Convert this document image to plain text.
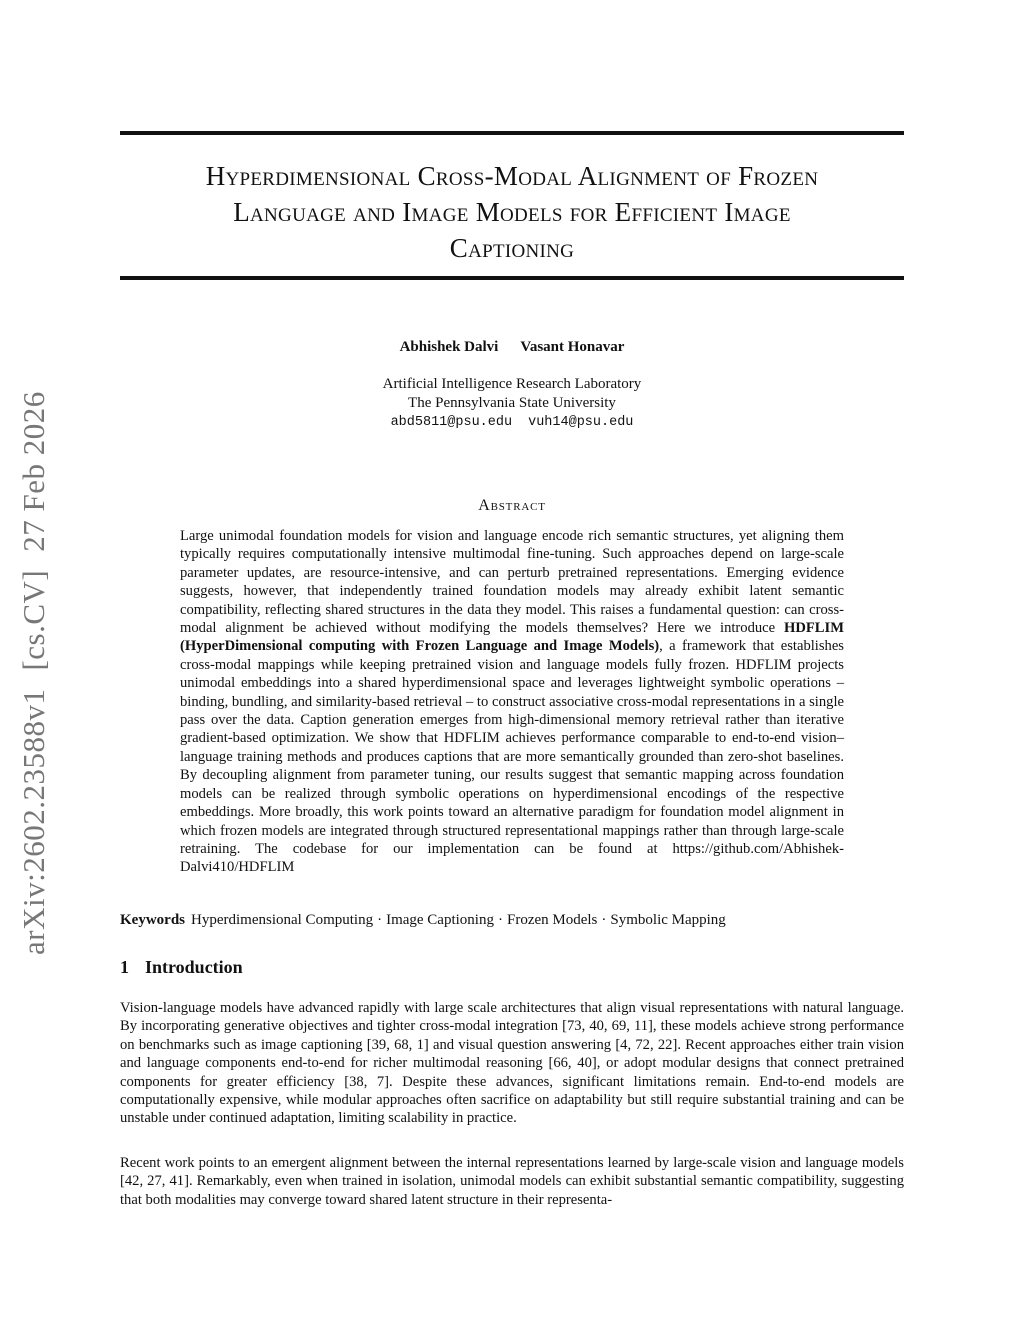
arXiv:2602.23588v1[cs.CV]27 Feb 2026
Hyperdimensional Cross-Modal Alignment of Frozen
Language and Image Models for Efficient Image
Captioning
Abhishek Dalvi Vasant Honavar
Artificial Intelligence Research Laboratory
The Pennsylvania State University
abd5811@psu.edu vuh14@psu.edu
Abstract

Large unimodal foundation models for vision and language encode rich semantic structures, yet aligning them typically requires computationally intensive multimodal fine-tuning. Such approaches depend on large-scale parameter updates, are resource-intensive, and can perturb pretrained representations. Emerging evidence suggests, however, that independently trained foundation models may already exhibit latent semantic compatibility, reflecting shared structures in the data they model. This raises a fundamental question: can cross-modal alignment be achieved without modifying the models themselves? Here we introduce HDFLIM (HyperDimensional computing with Frozen Language and Image Models), a framework that establishes cross-modal mappings while keeping pretrained vision and language models fully frozen. HDFLIM projects unimodal embeddings into a shared hyperdimensional space and leverages lightweight symbolic operations – binding, bundling, and similarity-based retrieval – to construct associative cross-modal representations in a single pass over the data. Caption generation emerges from high-dimensional memory retrieval rather than iterative gradient-based optimization. We show that HDFLIM achieves performance comparable to end-to-end vision–language training methods and produces captions that are more semantically grounded than zero-shot baselines. By decoupling alignment from parameter tuning, our results suggest that semantic mapping across foundation models can be realized through symbolic operations on hyperdimensional encodings of the respective embeddings. More broadly, this work points toward an alternative paradigm for foundation model alignment in which frozen models are integrated through structured representational mappings rather than through large-scale retraining. The codebase for our implementation can be found at https://github.com/Abhishek-Dalvi410/HDFLIM

Keywords Hyperdimensional Computing · Image Captioning · Frozen Models · Symbolic Mapping
1 Introduction

Vision-language models have advanced rapidly with large scale architectures that align visual representations with natural language. By incorporating generative objectives and tighter cross-modal integration [73, 40, 69, 11], these models achieve strong performance on benchmarks such as image captioning [39, 68, 1] and visual question answering [4, 72, 22]. Recent approaches either train vision and language components end-to-end for richer multimodal reasoning [66, 40], or adopt modular designs that connect pretrained components for greater efficiency [38, 7]. Despite these advances, significant limitations remain. End-to-end models are computationally expensive, while modular approaches often sacrifice on adaptability but still require substantial training and can be unstable under continued adaptation, limiting scalability in practice.

Recent work points to an emergent alignment between the internal representations learned by large-scale vision and language models [42, 27, 41]. Remarkably, even when trained in isolation, unimodal models can exhibit substantial semantic compatibility, suggesting that both modalities may converge toward shared latent structure in their representa-
